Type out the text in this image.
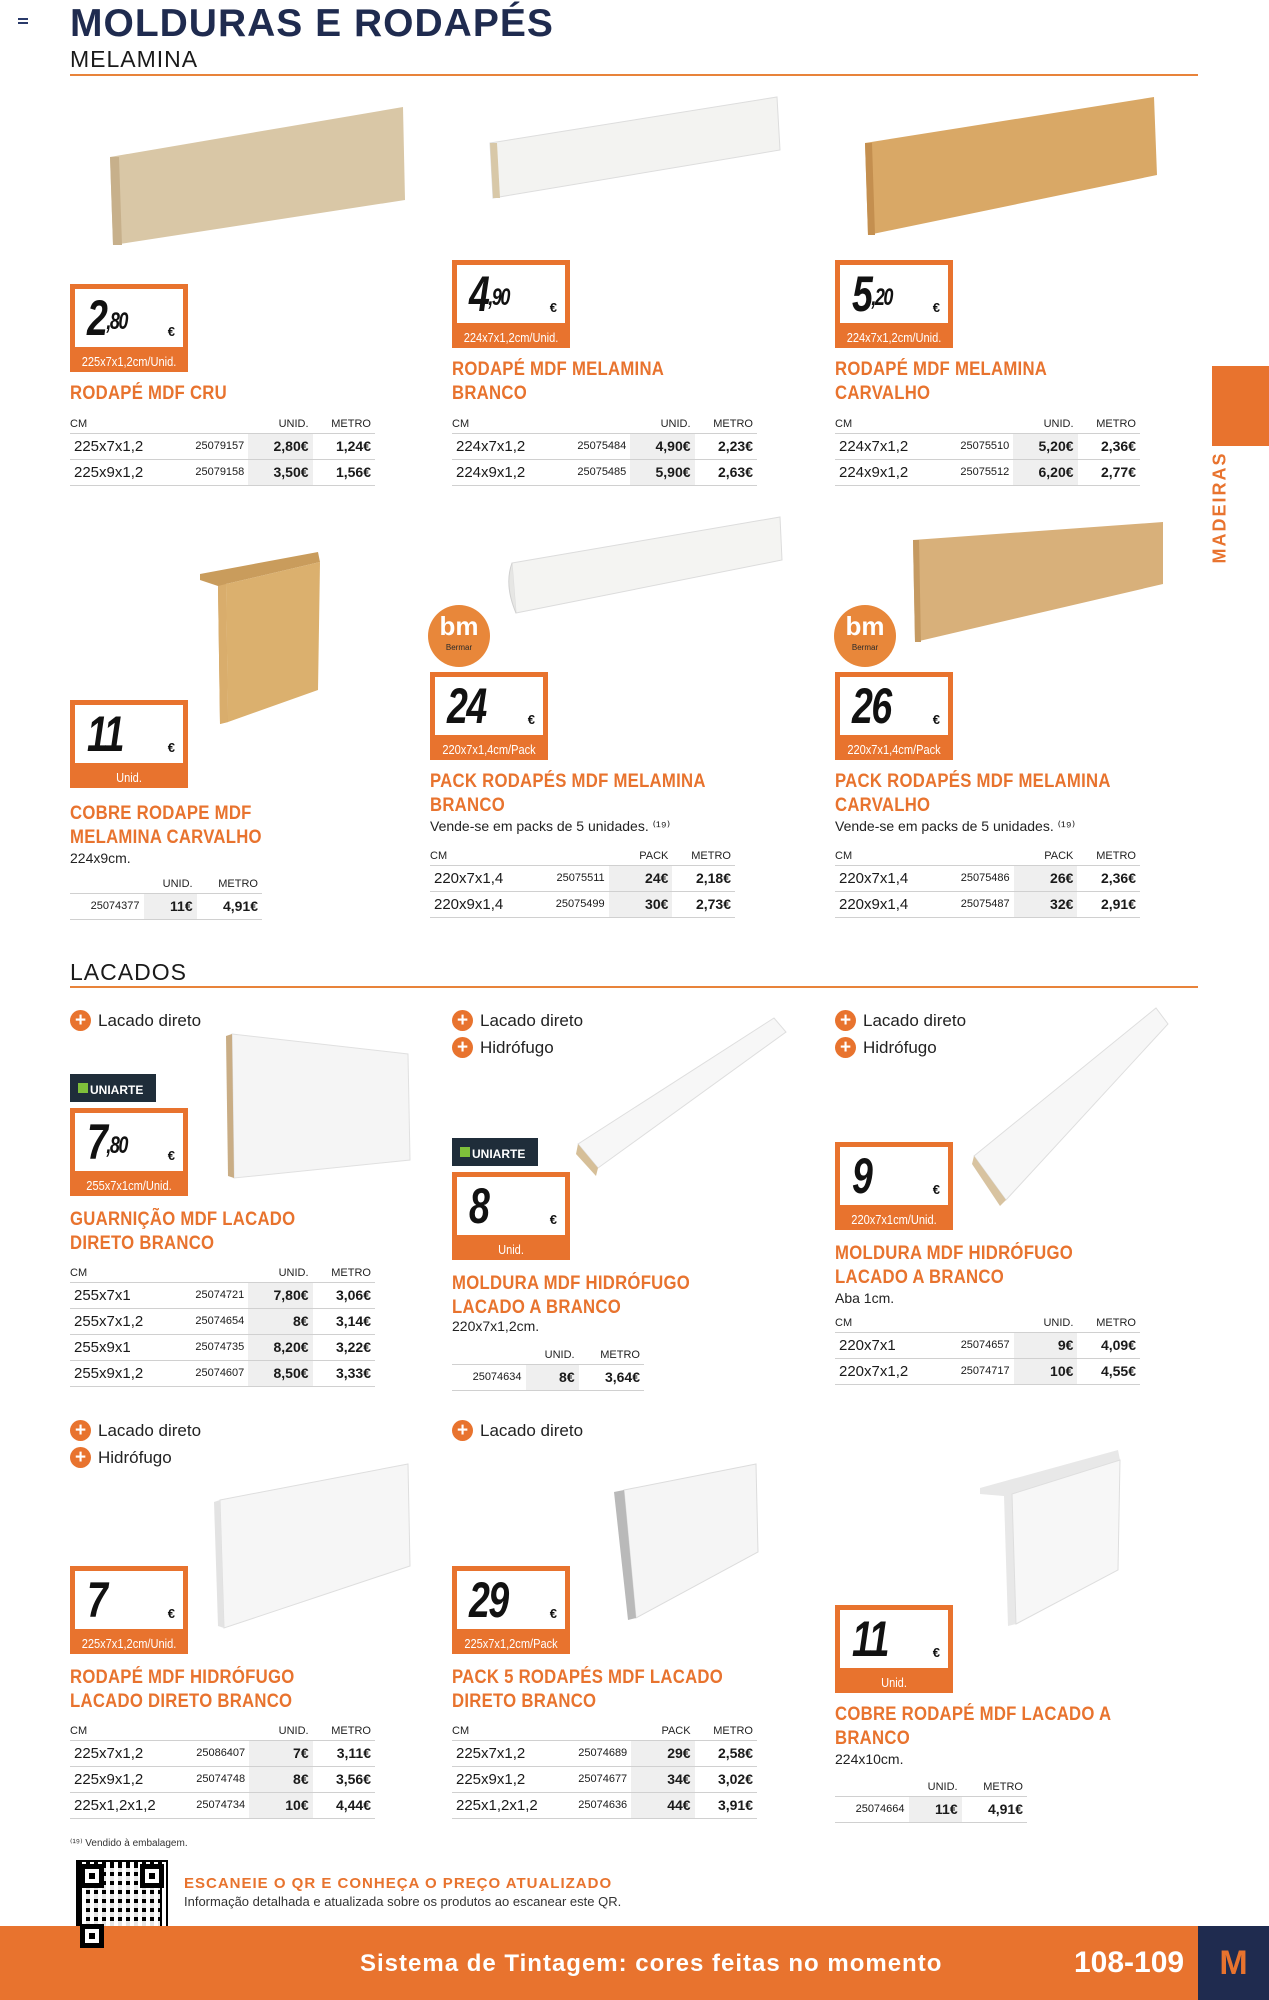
MOLDURAS E RODAPÉS
MELAMINA
MADEIRAS
$2^{,80}$	€
225x7x1,2cm/Unid.
RODAPÉ MDF CRU
CM		UNID.	METRO
225x7x1,2	25079157	2,80€	1,24€
225x9x1,2	25079158	3,50€	1,56€
$4^{,90}$	€
224x7x1,2cm/Unid.
RODAPÉ MDF MELAMINA BRANCO
CM		UNID.	METRO
224x7x1,2	25075484	4,90€	2,23€
224x9x1,2	25075485	5,90€	2,63€
$5^{,20}$	€
224x7x1,2cm/Unid.
RODAPÉ MDF MELAMINA CARVALHO
CM		UNID.	METRO
224x7x1,2	25075510	5,20€	2,36€
224x9x1,2	25075512	6,20€	2,77€
11	€
Unid.
COBRE RODAPE MDF MELAMINA CARVALHO
224x9cm.
	UNID.	METRO
25074377	11€	4,91€
bm
Bermar
24	€
220x7x1,4cm/Pack
PACK RODAPÉS MDF MELAMINA BRANCO
Vende-se em packs de 5 unidades. ⁽¹⁹⁾
CM		PACK	METRO
220x7x1,4	25075511	24€	2,18€
220x9x1,4	25075499	30€	2,73€
bm
Bermar
26	€
220x7x1,4cm/Pack
PACK RODAPÉS MDF MELAMINA CARVALHO
Vende-se em packs de 5 unidades. ⁽¹⁹⁾
CM		PACK	METRO
220x7x1,4	25075486	26€	2,36€
220x9x1,4	25075487	32€	2,91€
LACADOS
+ Lacado direto
UNIARTE
$7^{,80}$	€
255x7x1cm/Unid.
GUARNIÇÃO MDF LACADO DIRETO BRANCO
CM		UNID.	METRO
255x7x1	25074721	7,80€	3,06€
255x7x1,2	25074654	8€	3,14€
255x9x1	25074735	8,20€	3,22€
255x9x1,2	25074607	8,50€	3,33€
+ Lacado direto
+ Hidrófugo
UNIARTE
8	€
Unid.
MOLDURA MDF HIDRÓFUGO LACADO A BRANCO
220x7x1,2cm.
	UNID.	METRO
25074634	8€	3,64€
+ Lacado direto
+ Hidrófugo
9	€
220x7x1cm/Unid.
MOLDURA MDF HIDRÓFUGO LACADO A BRANCO
Aba 1cm.
CM		UNID.	METRO
220x7x1	25074657	9€	4,09€
220x7x1,2	25074717	10€	4,55€
+ Lacado direto
+ Hidrófugo
7	€
225x7x1,2cm/Unid.
RODAPÉ MDF HIDRÓFUGO LACADO DIRETO BRANCO
CM		UNID.	METRO
225x7x1,2	25086407	7€	3,11€
225x9x1,2	25074748	8€	3,56€
225x1,2x1,2	25074734	10€	4,44€
+ Lacado direto
29	€
225x7x1,2cm/Pack
PACK 5 RODAPÉS MDF LACADO DIRETO BRANCO
CM		PACK	METRO
225x7x1,2	25074689	29€	2,58€
225x9x1,2	25074677	34€	3,02€
225x1,2x1,2	25074636	44€	3,91€
11	€
Unid.
COBRE RODAPÉ MDF LACADO A BRANCO
224x10cm.
	UNID.	METRO
25074664	11€	4,91€
⁽¹⁹⁾ Vendido à embalagem.
ESCANEIE O QR E CONHEÇA O PREÇO ATUALIZADO
Informação detalhada e atualizada sobre os produtos ao escanear este QR.
Sistema de Tintagem: cores feitas no momento	108-109	M
